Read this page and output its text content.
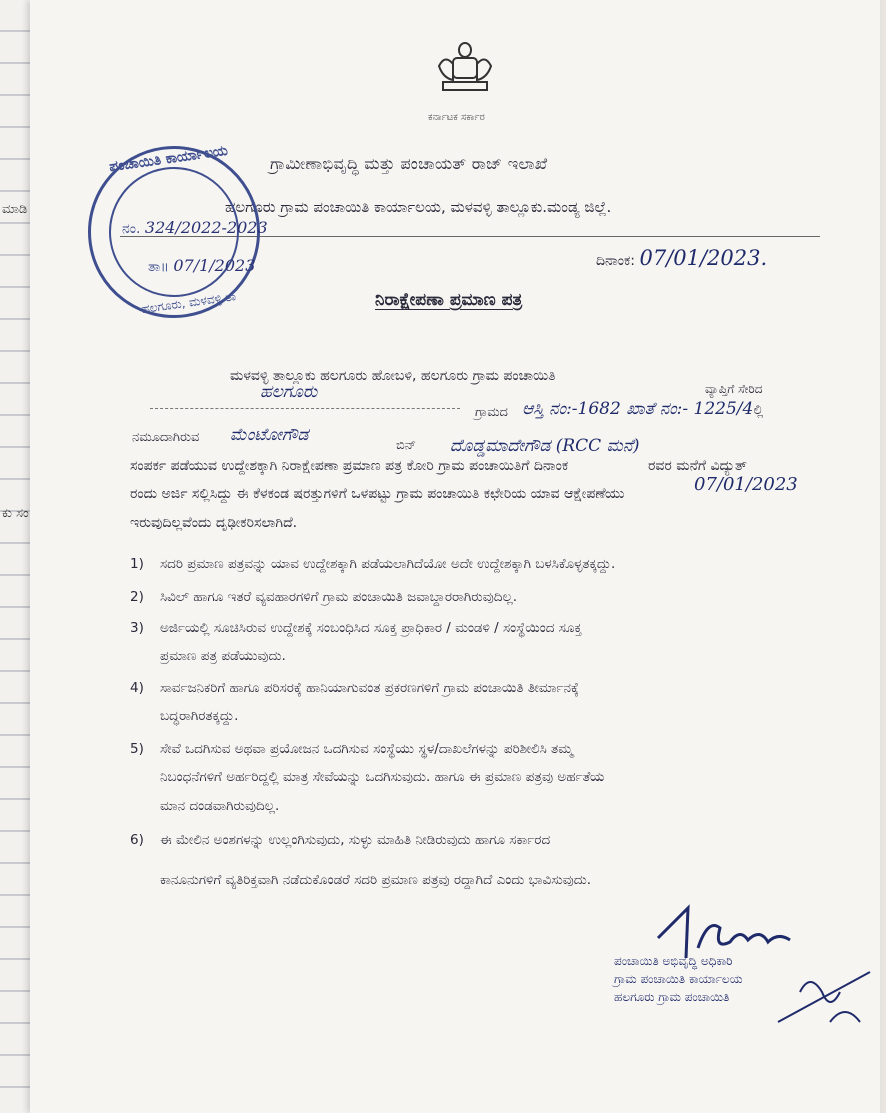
ಮಾಡಿ
ಕು ಸಂ
ಕರ್ನಾಟಕ ಸರ್ಕಾರ
ಗ್ರಾಮೀಣಾಭಿವೃದ್ಧಿ ಮತ್ತು ಪಂಚಾಯತ್ ರಾಜ್ ಇಲಾಖೆ
ಹಲಗೂರು ಗ್ರಾಮ ಪಂಚಾಯಿತಿ ಕಾರ್ಯಾಲಯ, ಮಳವಳ್ಳಿ ತಾಲ್ಲೂಕು.ಮಂಡ್ಯ ಜಿಲ್ಲೆ.
ಪಂಚಾಯಿತಿ ಕಾರ್ಯಾಲಯ
ಹಲಗೂರು, ಮಳವಳ್ಳಿ ತಾ
ನಂ. 324/2022-2023
ತಾ॥ 07/1/2023	ದಿನಾಂಕ: 07/01/2023.
ನಿರಾಕ್ಷೇಪಣಾ ಪ್ರಮಾಣ ಪತ್ರ
ಮಳವಳ್ಳಿ ತಾಲ್ಲೂಕು ಹಲಗೂರು ಹೋಬಳಿ, ಹಲಗೂರು ಗ್ರಾಮ ಪಂಚಾಯಿತಿ
ವ್ಯಾಪ್ತಿಗೆ ಸೇರಿದ
ಹಲಗೂರು
ಗ್ರಾಮದ ಆಸ್ತಿ ನಂ:-1682 ಖಾತೆ ನಂ:- 1225/4ಲ್ಲಿ
ನಮೂದಾಗಿರುವ ಮೆಂಟೋಗೌಡ
ಬಿನ್ ದೊಡ್ಡಮಾದೇಗೌಡ (RCC ಮನೆ)
ಸಂಪರ್ಕ ಪಡೆಯುವ ಉದ್ದೇಶಕ್ಕಾಗಿ ನಿರಾಕ್ಷೇಪಣಾ ಪ್ರಮಾಣ ಪತ್ರ ಕೋರಿ ಗ್ರಾಮ ಪಂಚಾಯಿತಿಗೆ ದಿನಾಂಕ	ರವರ ಮನೆಗೆ ವಿದ್ಯುತ್
07/01/2023
ರಂದು ಅರ್ಜಿ ಸಲ್ಲಿಸಿದ್ದು ಈ ಕೆಳಕಂಡ ಷರತ್ತುಗಳಿಗೆ ಒಳಪಟ್ಟು ಗ್ರಾಮ ಪಂಚಾಯಿತಿ ಕಛೇರಿಯ ಯಾವ ಆಕ್ಷೇಪಣೆಯು
ಇರುವುದಿಲ್ಲವೆಂದು ದೃಢೀಕರಿಸಲಾಗಿದೆ.
1) ಸದರಿ ಪ್ರಮಾಣ ಪತ್ರವನ್ನು ಯಾವ ಉದ್ದೇಶಕ್ಕಾಗಿ ಪಡೆಯಲಾಗಿದೆಯೋ ಅದೇ ಉದ್ದೇಶಕ್ಕಾಗಿ ಬಳಸಿಕೊಳ್ಳತಕ್ಕದ್ದು.
2) ಸಿವಿಲ್ ಹಾಗೂ ಇತರೆ ವ್ಯವಹಾರಗಳಿಗೆ ಗ್ರಾಮ ಪಂಚಾಯಿತಿ ಜವಾಬ್ದಾರರಾಗಿರುವುದಿಲ್ಲ.
3) ಅರ್ಜಿಯಲ್ಲಿ ಸೂಚಿಸಿರುವ ಉದ್ದೇಶಕ್ಕೆ ಸಂಬಂಧಿಸಿದ ಸೂಕ್ತ ಪ್ರಾಧಿಕಾರ / ಮಂಡಳಿ / ಸಂಸ್ಥೆಯಿಂದ ಸೂಕ್ತ
ಪ್ರಮಾಣ ಪತ್ರ ಪಡೆಯುವುದು.
4) ಸಾರ್ವಜನಿಕರಿಗೆ ಹಾಗೂ ಪರಿಸರಕ್ಕೆ ಹಾನಿಯಾಗುವಂತ ಪ್ರಕರಣಗಳಿಗೆ ಗ್ರಾಮ ಪಂಚಾಯಿತಿ ತೀರ್ಮಾನಕ್ಕೆ
ಬದ್ಧರಾಗಿರತಕ್ಕದ್ದು.
5) ಸೇವೆ ಒದಗಿಸುವ ಅಥವಾ ಪ್ರಯೋಜನ ಒದಗಿಸುವ ಸಂಸ್ಥೆಯು ಸ್ಥಳ/ದಾಖಲೆಗಳನ್ನು ಪರಿಶೀಲಿಸಿ ತಮ್ಮ
ನಿಬಂಧನೆಗಳಿಗೆ ಅರ್ಹರಿದ್ದಲ್ಲಿ ಮಾತ್ರ ಸೇವೆಯನ್ನು ಒದಗಿಸುವುದು. ಹಾಗೂ ಈ ಪ್ರಮಾಣ ಪತ್ರವು ಅರ್ಹತೆಯ
ಮಾನ ದಂಡವಾಗಿರುವುದಿಲ್ಲ.
6) ಈ ಮೇಲಿನ ಅಂಶಗಳನ್ನು ಉಲ್ಲಂಗಿಸುವುದು, ಸುಳ್ಳು ಮಾಹಿತಿ ನೀಡಿರುವುದು ಹಾಗೂ ಸರ್ಕಾರದ
ಕಾನೂನುಗಳಿಗೆ ವ್ಯತಿರಿಕ್ತವಾಗಿ ನಡೆದುಕೊಂಡರೆ ಸದರಿ ಪ್ರಮಾಣ ಪತ್ರವು ರದ್ದಾಗಿದೆ ಎಂದು ಭಾವಿಸುವುದು.
ಪಂಚಾಯಿತಿ ಅಭಿವೃದ್ಧಿ ಅಧಿಕಾರಿ
ಗ್ರಾಮ ಪಂಚಾಯಿತಿ ಕಾರ್ಯಾಲಯ
ಹಲಗೂರು ಗ್ರಾಮ ಪಂಚಾಯಿತಿ
